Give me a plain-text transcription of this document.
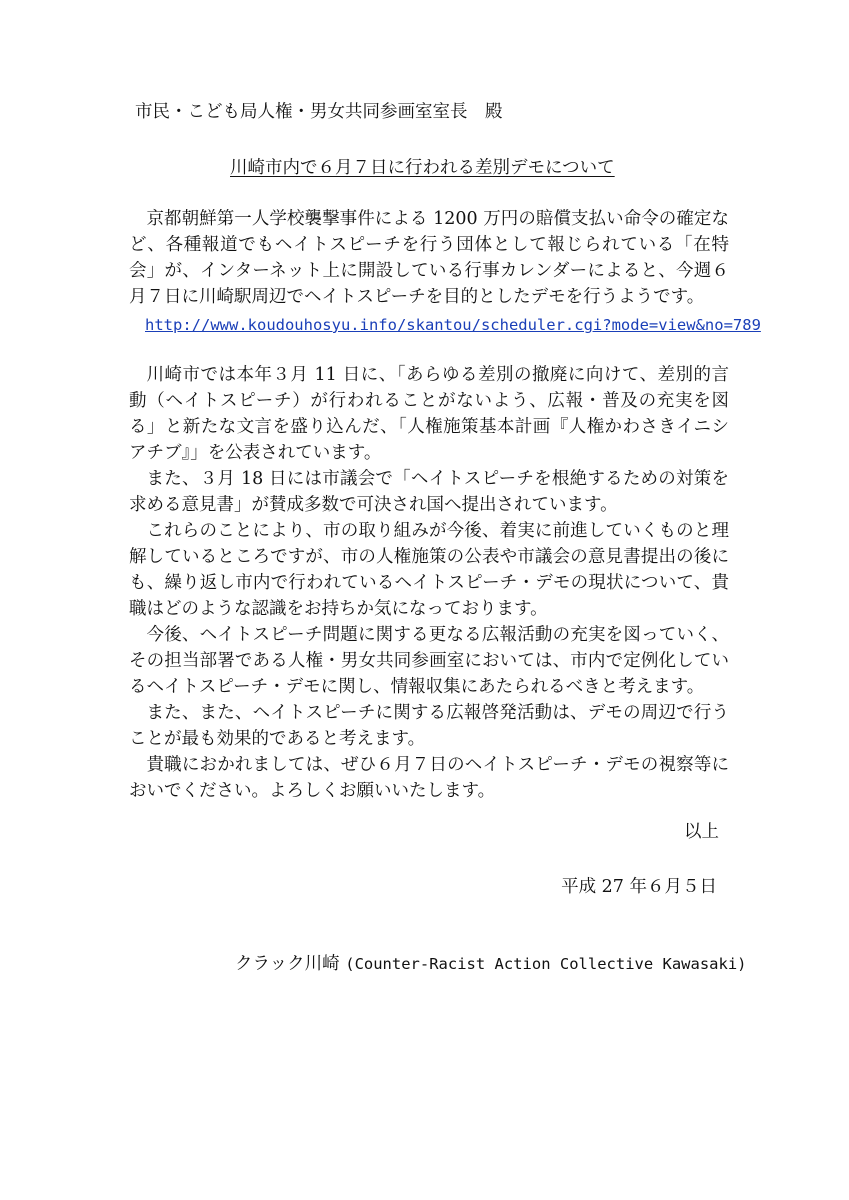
市民・こども局人権・男女共同参画室室長　殿
川崎市内で６月７日に行われる差別デモについて

京都朝鮮第一人学校襲撃事件による 1200 万円の賠償支払い命令の確定など、各種報道でもヘイトスピーチを行う団体として報じられている「在特会」が、インターネット上に開設している行事カレンダーによると、今週６月７日に川崎駅周辺でヘイトスピーチを目的としたデモを行うようです。

http://www.koudouhosyu.info/skantou/scheduler.cgi?mode=view&no=789

川崎市では本年３月 11 日に、「あらゆる差別の撤廃に向けて、差別的言動（ヘイトスピーチ）が行われることがないよう、広報・普及の充実を図る」と新たな文言を盛り込んだ、「人権施策基本計画『人権かわさきイニシアチブ』」を公表されています。

また、３月 18 日には市議会で「ヘイトスピーチを根絶するための対策を求める意見書」が賛成多数で可決され国へ提出されています。

これらのことにより、市の取り組みが今後、着実に前進していくものと理解しているところですが、市の人権施策の公表や市議会の意見書提出の後にも、繰り返し市内で行われているヘイトスピーチ・デモの現状について、貴職はどのような認識をお持ちか気になっております。

今後、ヘイトスピーチ問題に関する更なる広報活動の充実を図っていく、その担当部署である人権・男女共同参画室においては、市内で定例化しているヘイトスピーチ・デモに関し、情報収集にあたられるべきと考えます。

また、また、ヘイトスピーチに関する広報啓発活動は、デモの周辺で行うことが最も効果的であると考えます。

貴職におかれましては、ぜひ６月７日のヘイトスピーチ・デモの視察等においでください。よろしくお願いいたします。

以上
平成 27 年６月５日
クラック川崎 (Counter-Racist Action Collective Kawasaki)
